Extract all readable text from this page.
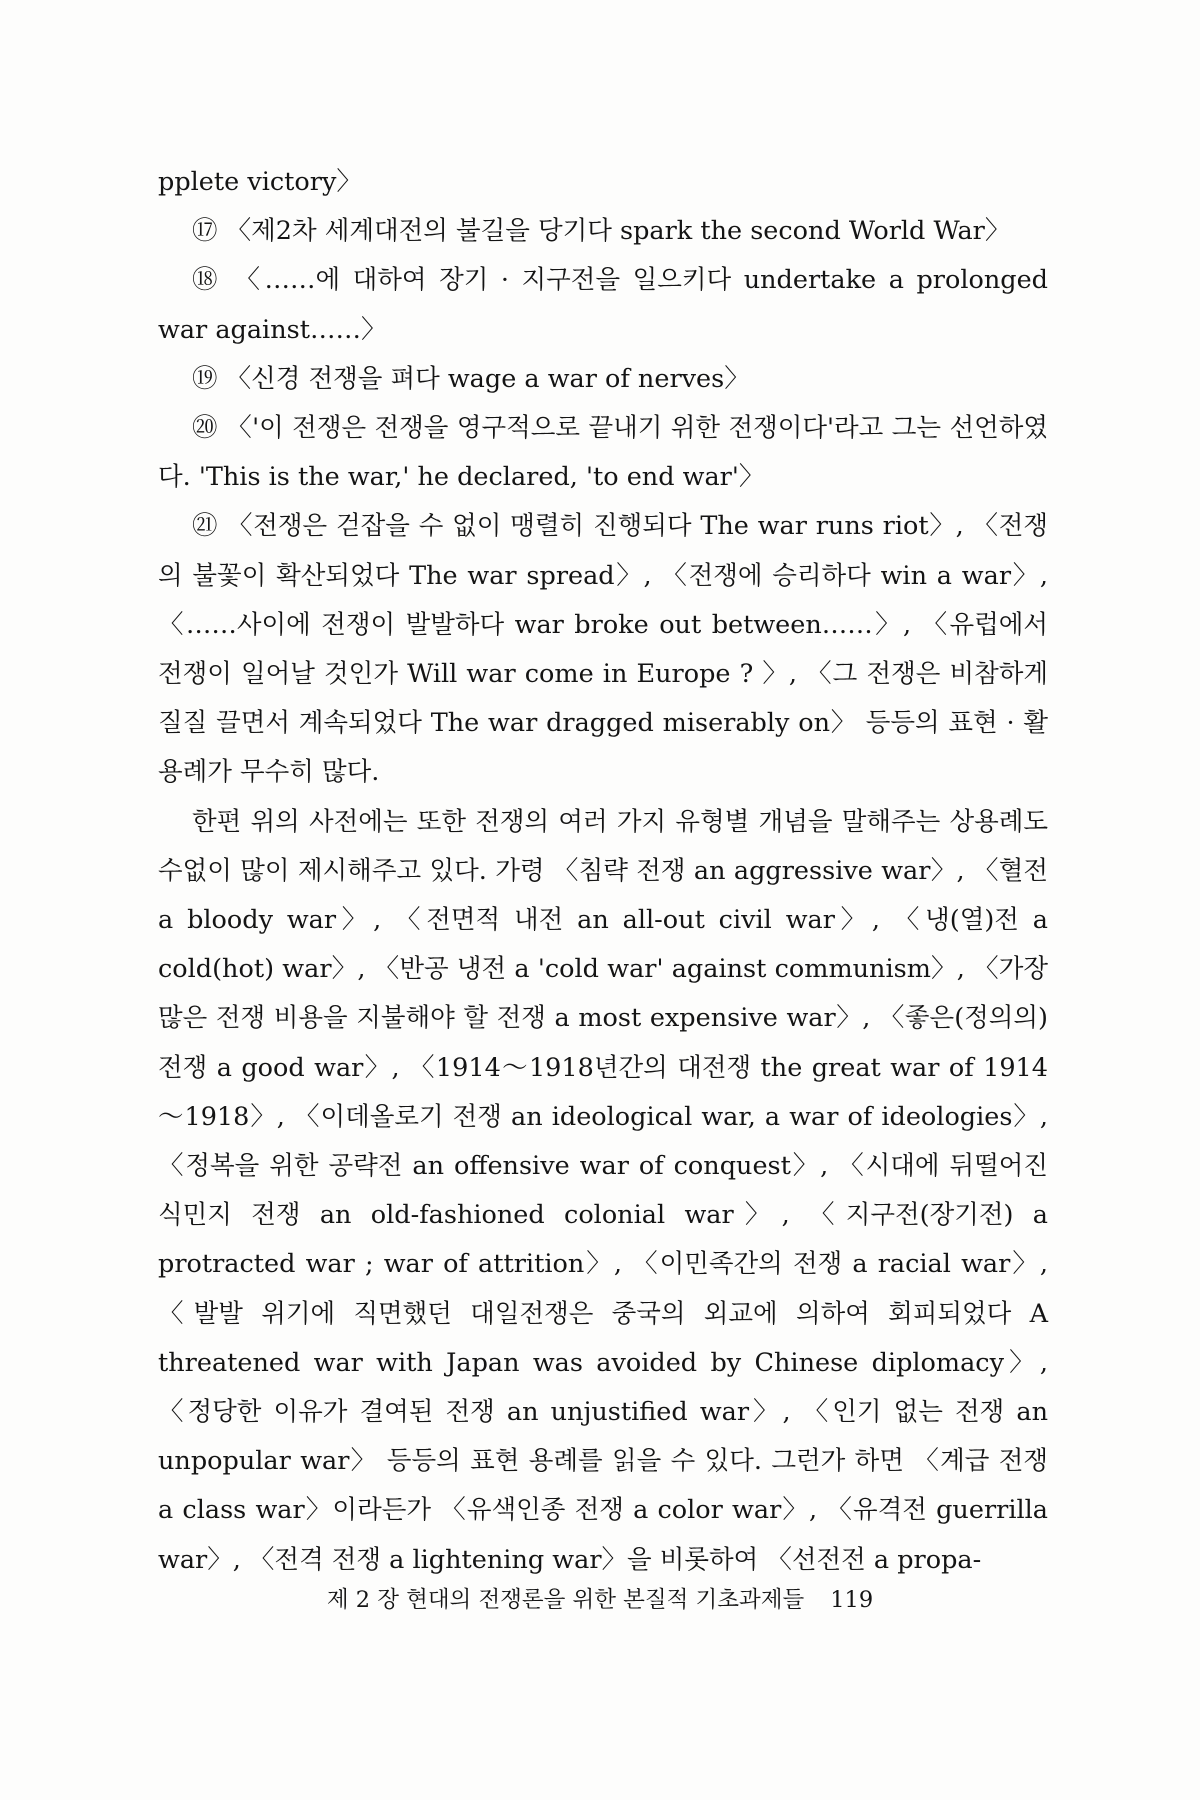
pplete victory〉

⑰ 〈제2차 세계대전의 불길을 당기다 spark the second World War〉

⑱ 〈……에 대하여 장기 · 지구전을 일으키다 undertake a prolonged war against……〉

⑲ 〈신경 전쟁을 펴다 wage a war of nerves〉

⑳ 〈'이 전쟁은 전쟁을 영구적으로 끝내기 위한 전쟁이다'라고 그는 선언하였다. 'This is the war,' he declared, 'to end war'〉

㉑ 〈전쟁은 걷잡을 수 없이 맹렬히 진행되다 The war runs riot〉, 〈전쟁의 불꽃이 확산되었다 The war spread〉, 〈전쟁에 승리하다 win a war〉, 〈……사이에 전쟁이 발발하다 war broke out between……〉, 〈유럽에서 전쟁이 일어날 것인가 Will war come in Europe ? 〉, 〈그 전쟁은 비참하게 질질 끌면서 계속되었다 The war dragged miserably on〉 등등의 표현 · 활용례가 무수히 많다.

한편 위의 사전에는 또한 전쟁의 여러 가지 유형별 개념을 말해주는 상용례도 수없이 많이 제시해주고 있다. 가령 〈침략 전쟁 an aggressive war〉, 〈혈전 a bloody war〉, 〈전면적 내전 an all-out civil war〉, 〈냉(열)전 a cold(hot) war〉, 〈반공 냉전 a 'cold war' against communism〉, 〈가장 많은 전쟁 비용을 지불해야 할 전쟁 a most expensive war〉, 〈좋은(정의의) 전쟁 a good war〉, 〈1914～1918년간의 대전쟁 the great war of 1914～1918〉, 〈이데올로기 전쟁 an ideological war, a war of ideologies〉, 〈정복을 위한 공략전 an offensive war of conquest〉, 〈시대에 뒤떨어진 식민지 전쟁 an old-fashioned colonial war〉, 〈지구전(장기전) a protracted war ; war of attrition〉, 〈이민족간의 전쟁 a racial war〉, 〈발발 위기에 직면했던 대일전쟁은 중국의 외교에 의하여 회피되었다 A threatened war with Japan was avoided by Chinese diplomacy〉, 〈정당한 이유가 결여된 전쟁 an unjustified war〉, 〈인기 없는 전쟁 an unpopular war〉 등등의 표현 용례를 읽을 수 있다. 그런가 하면 〈계급 전쟁 a class war〉이라든가 〈유색인종 전쟁 a color war〉, 〈유격전 guerrilla war〉, 〈전격 전쟁 a lightening war〉을 비롯하여 〈선전전 a propa-

제 2 장 현대의 전쟁론을 위한 본질적 기초과제들 119
